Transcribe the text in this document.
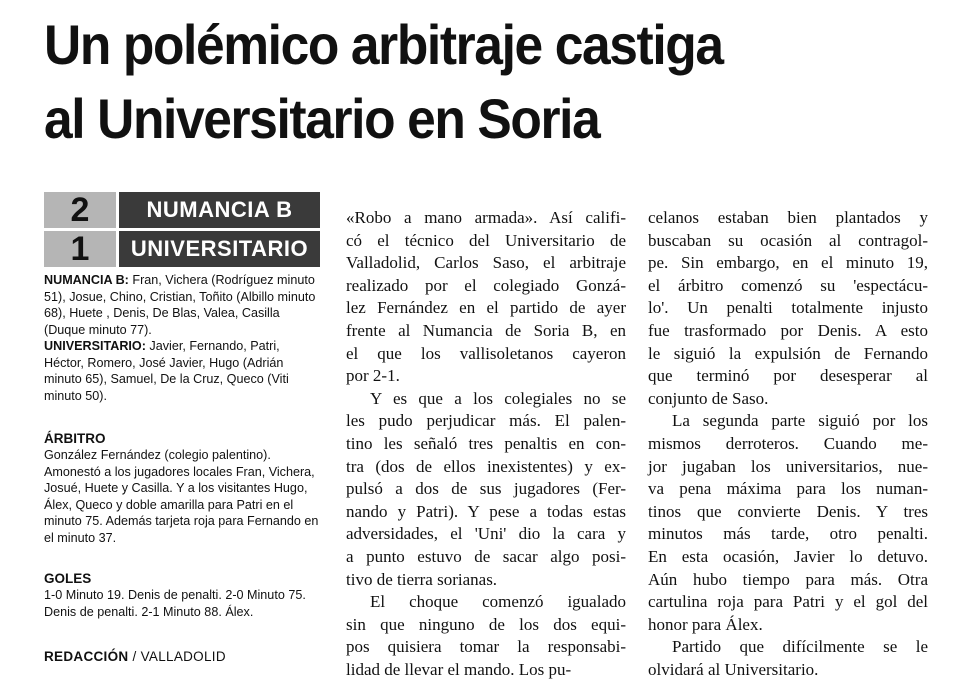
Un polémico arbitraje castiga
al Universitario en Soria
2	NUMANCIA B
1	UNIVERSITARIO

NUMANCIA B: Fran, Vichera (Rodríguez minuto 51), Josue, Chino, Cristian, Toñito (Albillo minuto 68), Huete , Denis, De Blas, Valea, Casilla (Duque minuto 77).

UNIVERSITARIO: Javier, Fernando, Patri, Héctor, Romero, José Javier, Hugo (Adrián minuto 65), Samuel, De la Cruz, Queco (Viti minuto 50).

ÁRBITRO

González Fernández (colegio palentino). Amonestó a los jugadores locales Fran, Vichera, Josué, Huete y Casilla. Y a los visitantes Hugo, Álex, Queco y doble amarilla para Patri en el minuto 75. Además tarjeta roja para Fernando en el minuto 37.

GOLES

1-0 Minuto 19. Denis de penalti. 2-0 Minuto 75. Denis de penalti. 2-1 Minuto 88. Álex.

REDACCIÓN / VALLADOLID
«Robo a mano armada». Así califi-
có el técnico del Universitario de
Valladolid, Carlos Saso, el arbitraje
realizado por el colegiado Gonzá-
lez Fernández en el partido de ayer
frente al Numancia de Soria B, en
el que los vallisoletanos cayeron
por 2-1.
Y es que a los colegiales no se
les pudo perjudicar más. El palen-
tino les señaló tres penaltis en con-
tra (dos de ellos inexistentes) y ex-
pulsó a dos de sus jugadores (Fer-
nando y Patri). Y pese a todas estas
adversidades, el 'Uni' dio la cara y
a punto estuvo de sacar algo posi-
tivo de tierra sorianas.
El choque comenzó igualado
sin que ninguno de los dos equi-
pos quisiera tomar la responsabi-
lidad de llevar el mando. Los pu-
celanos estaban bien plantados y
buscaban su ocasión al contragol-
pe. Sin embargo, en el minuto 19,
el árbitro comenzó su 'espectácu-
lo'. Un penalti totalmente injusto
fue trasformado por Denis. A esto
le siguió la expulsión de Fernando
que terminó por desesperar al
conjunto de Saso.
La segunda parte siguió por los
mismos derroteros. Cuando me-
jor jugaban los universitarios, nue-
va pena máxima para los numan-
tinos que convierte Denis. Y tres
minutos más tarde, otro penalti.
En esta ocasión, Javier lo detuvo.
Aún hubo tiempo para más. Otra
cartulina roja para Patri y el gol del
honor para Álex.
Partido que difícilmente se le
olvidará al Universitario.
